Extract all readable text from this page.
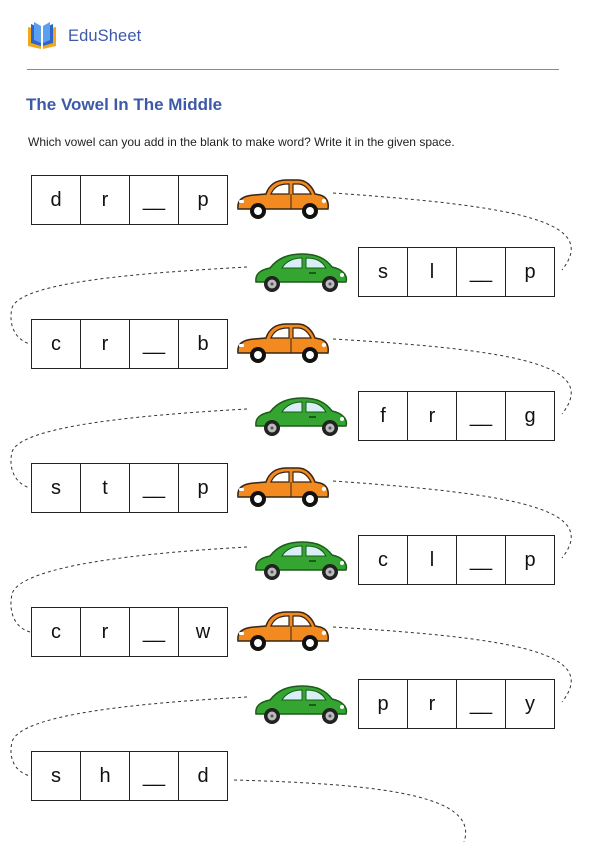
EduSheet
The Vowel In The Middle

Which vowel can you add in the blank to make word? Write it in the given space.

d	r	__	p
s	l	__	p
c	r	__	b
f	r	__	g
s	t	__	p
c	l	__	p
c	r	__	w
p	r	__	y
s	h	__	d
